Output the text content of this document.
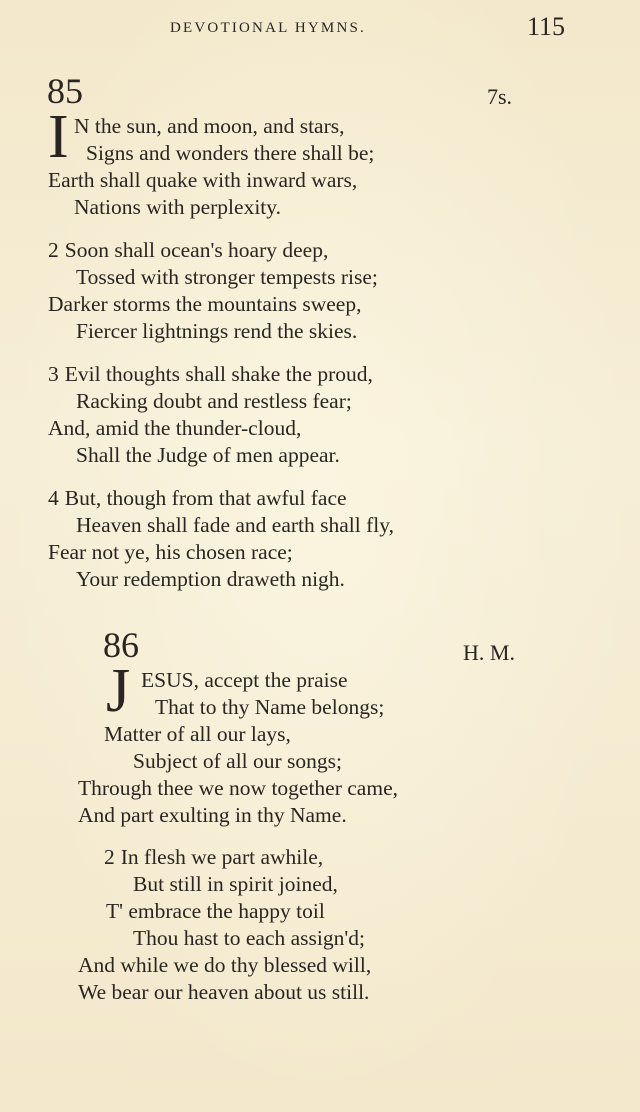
DEVOTIONAL HYMNS.	115
85	7s.
I N the sun, and moon, and stars,
Signs and wonders there shall be;
Earth shall quake with inward wars,
Nations with perplexity.
2 Soon shall ocean's hoary deep,
Tossed with stronger tempests rise;
Darker storms the mountains sweep,
Fiercer lightnings rend the skies.
3 Evil thoughts shall shake the proud,
Racking doubt and restless fear;
And, amid the thunder-cloud,
Shall the Judge of men appear.
4 But, though from that awful face
Heaven shall fade and earth shall fly,
Fear not ye, his chosen race;
Your redemption draweth nigh.
86	H. M.
J ESUS, accept the praise
That to thy Name belongs;
Matter of all our lays,
Subject of all our songs;
Through thee we now together came,
And part exulting in thy Name.
2 In flesh we part awhile,
But still in spirit joined,
T' embrace the happy toil
Thou hast to each assign'd;
And while we do thy blessed will,
We bear our heaven about us still.
